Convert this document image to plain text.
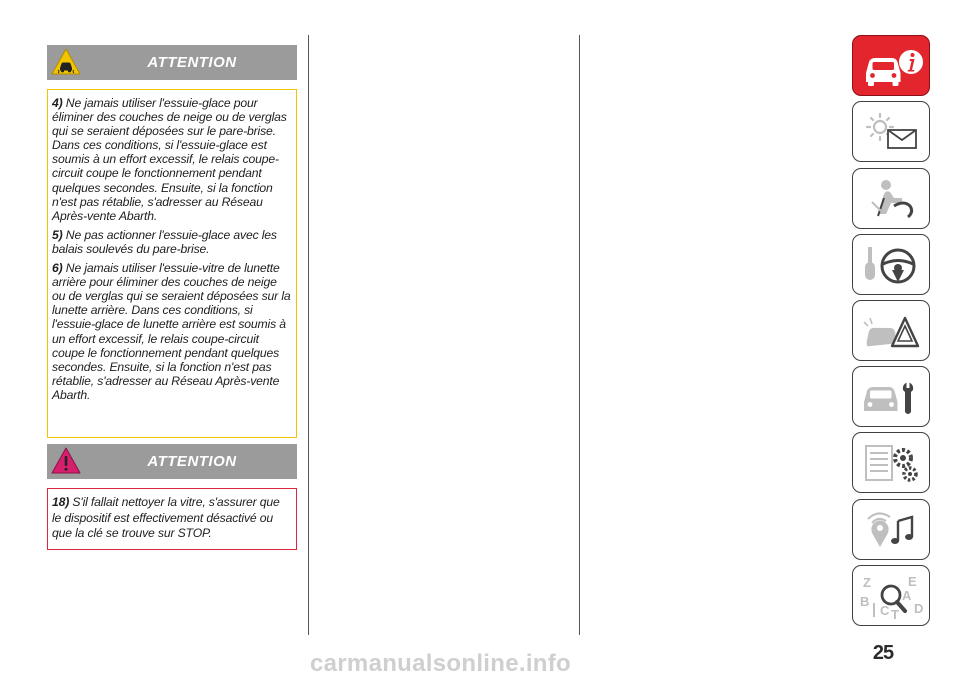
ATTENTION

4) Ne jamais utiliser l'essuie-glace pour éliminer des couches de neige ou de verglas qui se seraient déposées sur le pare-brise. Dans ces conditions, si l'essuie-glace est soumis à un effort excessif, le relais coupe-circuit coupe le fonctionnement pendant quelques secondes. Ensuite, si la fonction n'est pas rétablie, s'adresser au Réseau Après-vente Abarth.

5) Ne pas actionner l'essuie-glace avec les balais soulevés du pare-brise.

6) Ne jamais utiliser l'essuie-vitre de lunette arrière pour éliminer des couches de neige ou de verglas qui se seraient déposées sur la lunette arrière. Dans ces conditions, si l'essuie-glace de lunette arrière est soumis à un effort excessif, le relais coupe-circuit coupe le fonctionnement pendant quelques secondes. Ensuite, si la fonction n'est pas rétablie, s'adresser au Réseau Après-vente Abarth.

ATTENTION

18) S'il fallait nettoyer la vitre, s'assurer que le dispositif est effectivement désactivé ou que la clé se trouve sur STOP.

Z	E
A
B
C T D
25
carmanualsonline.info
